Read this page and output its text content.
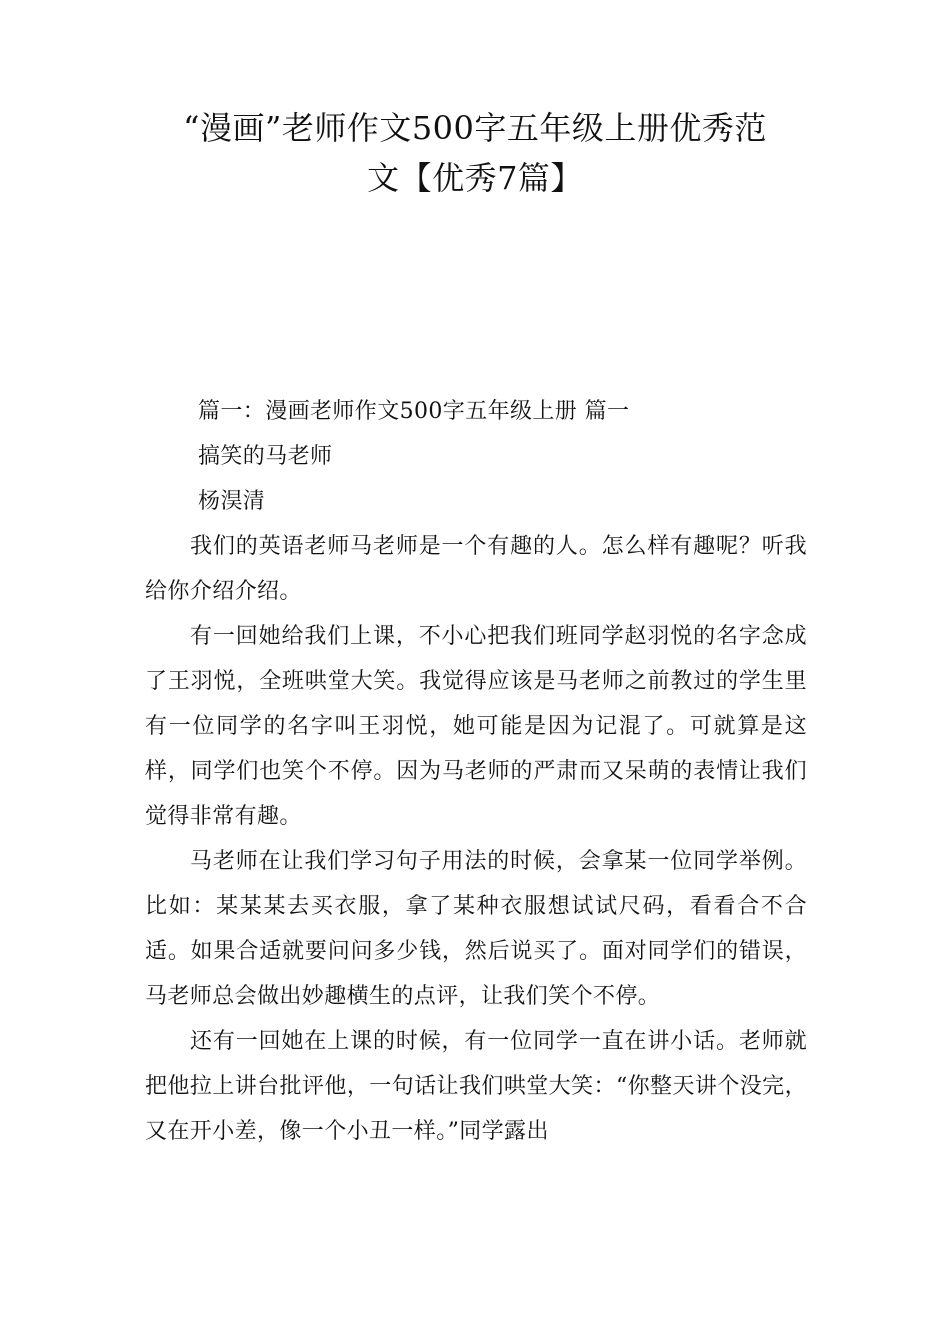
“漫画”老师作文500字五年级上册优秀范
文【优秀7篇】

篇一：漫画老师作文500字五年级上册 篇一

搞笑的马老师

杨淏清

我们的英语老师马老师是一个有趣的人。怎么样有趣呢？听我给你介绍介绍。

有一回她给我们上课，不小心把我们班同学赵羽悦的名字念成了王羽悦，全班哄堂大笑。我觉得应该是马老师之前教过的学生里有一位同学的名字叫王羽悦，她可能是因为记混了。可就算是这样，同学们也笑个不停。因为马老师的严肃而又呆萌的表情让我们觉得非常有趣。

马老师在让我们学习句子用法的时候，会拿某一位同学举例。比如：某某某去买衣服，拿了某种衣服想试试尺码，看看合不合适。如果合适就要问问多少钱，然后说买了。面对同学们的错误，马老师总会做出妙趣横生的点评，让我们笑个不停。

还有一回她在上课的时候，有一位同学一直在讲小话。老师就把他拉上讲台批评他，一句话让我们哄堂大笑：“你整天讲个没完，又在开小差，像一个小丑一样。”同学露出
